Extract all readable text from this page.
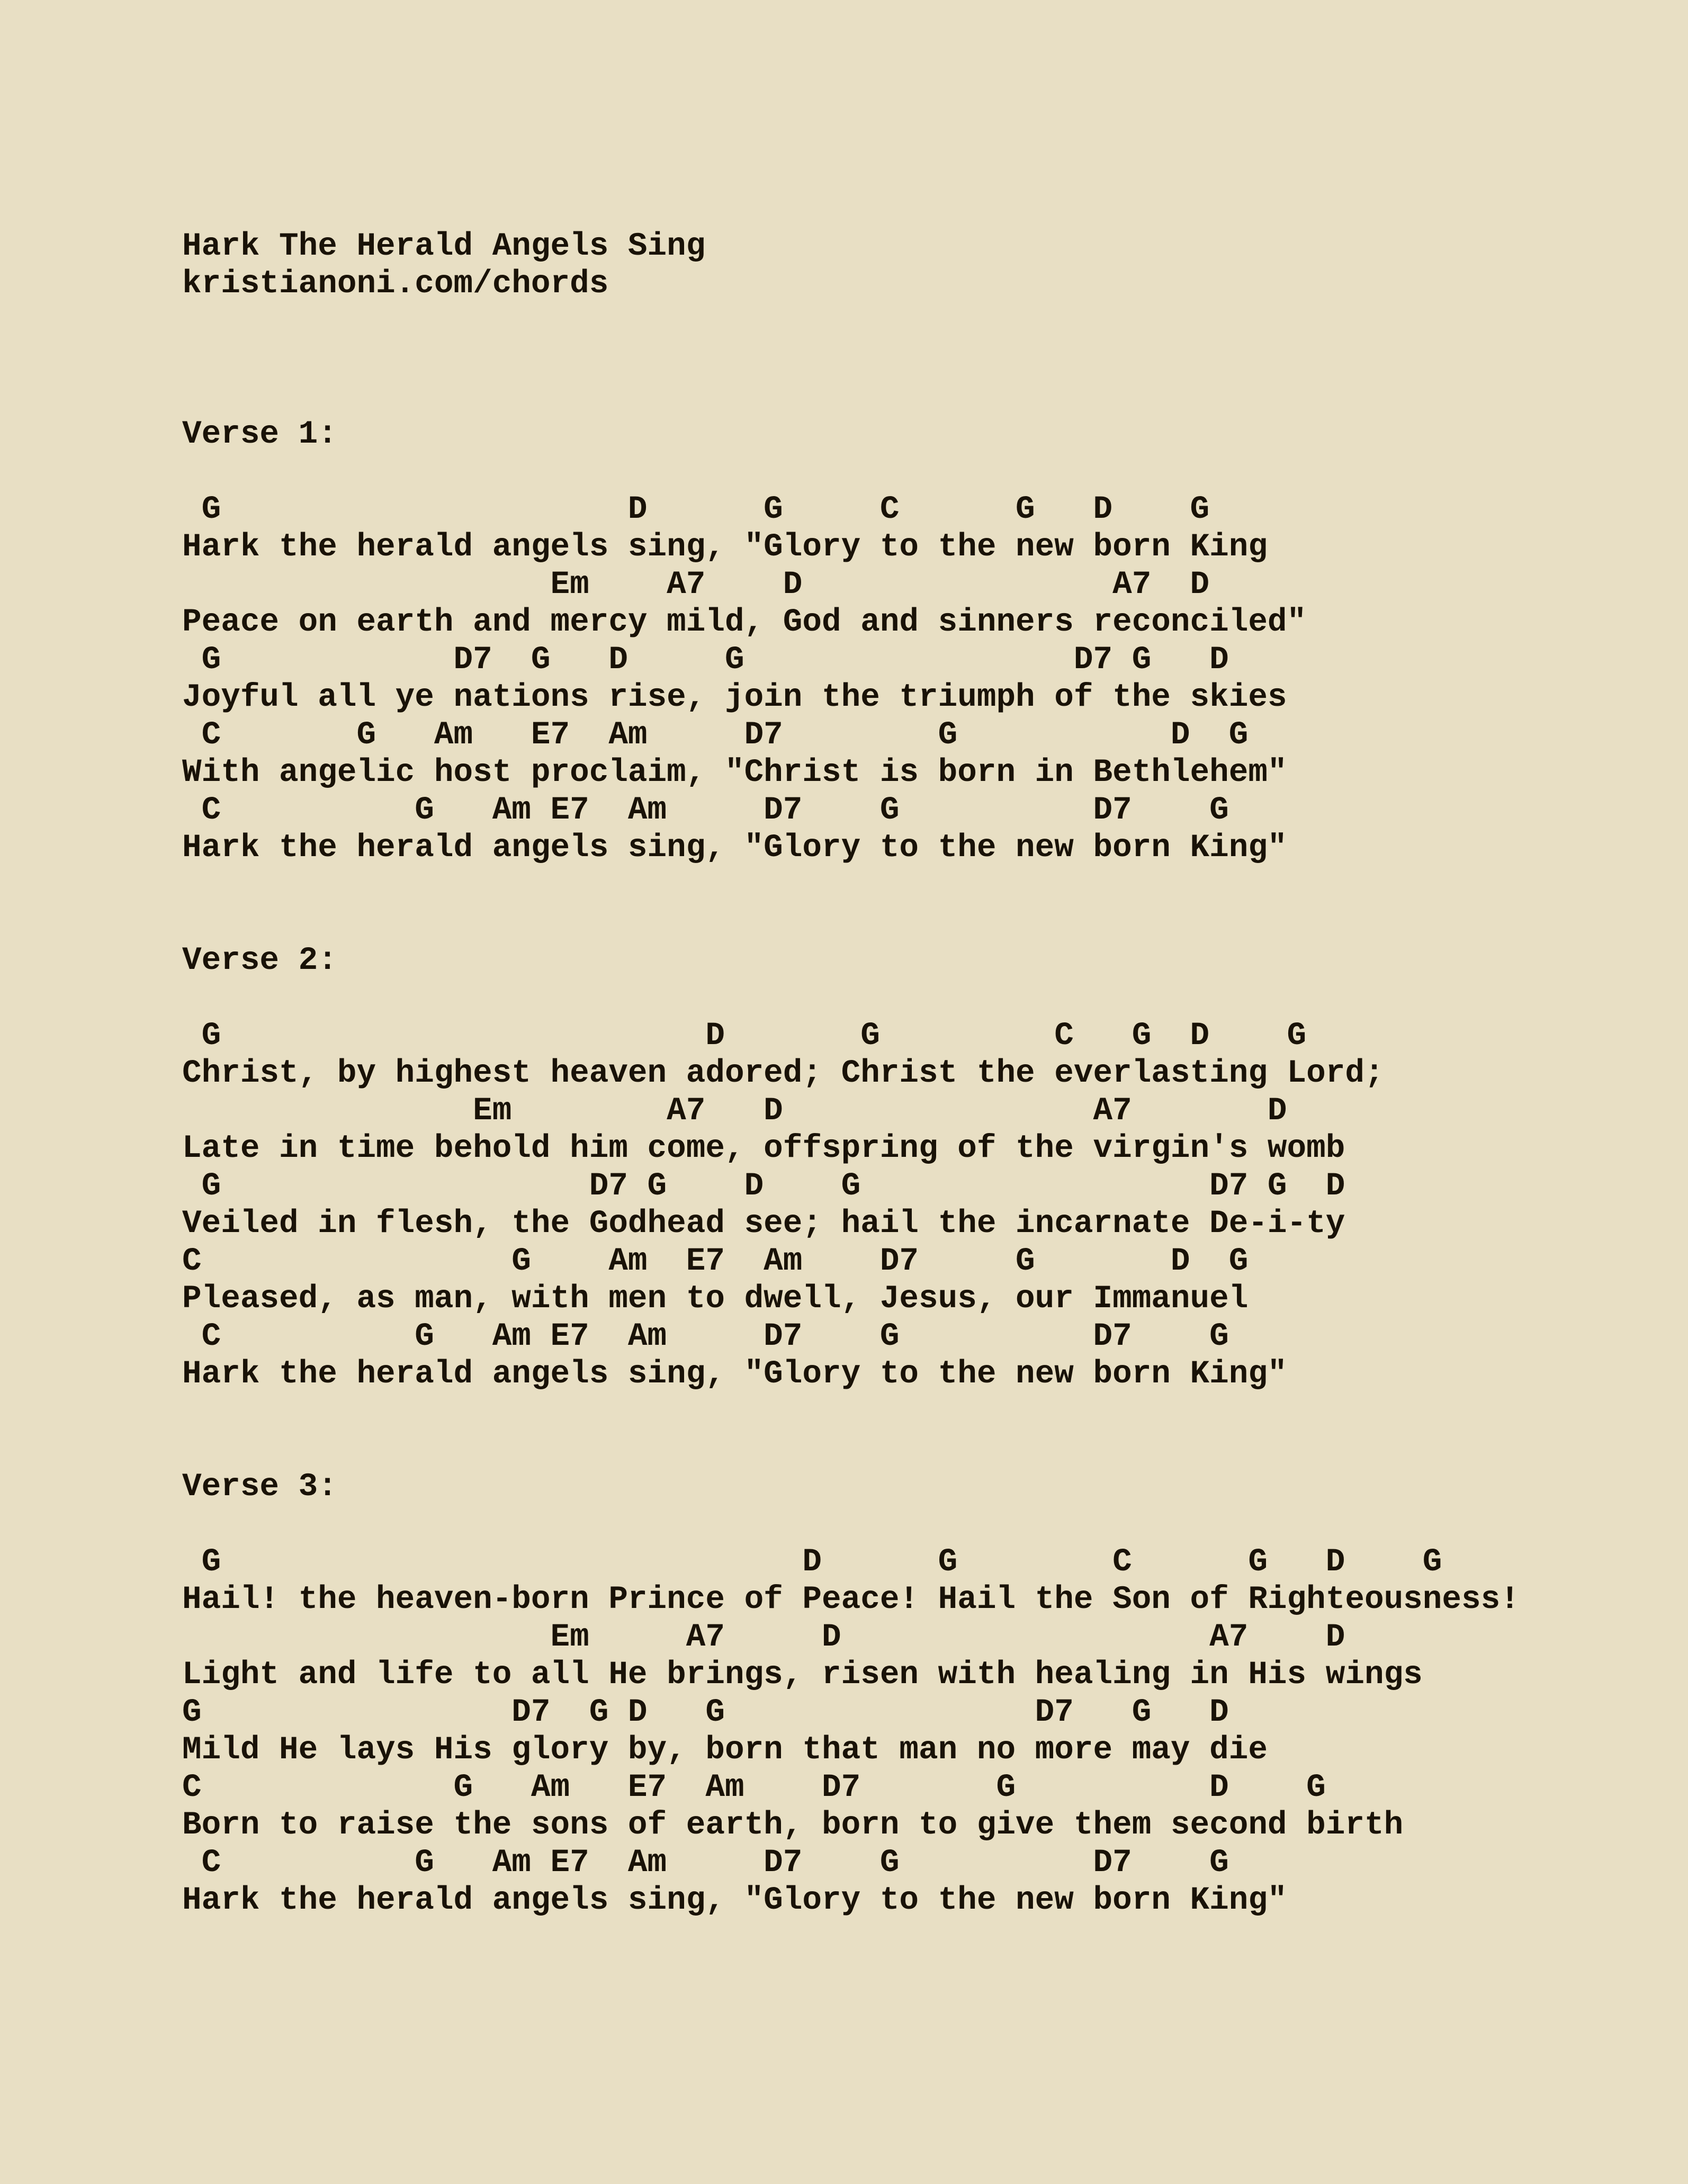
Hark The Herald Angels Sing
kristianoni.com/chords
Verse 1:
G                     D      G     C      G   D    G
Hark the herald angels sing, "Glory to the new born King
Em    A7    D                A7  D
Peace on earth and mercy mild, God and sinners reconciled"
G            D7  G   D     G                 D7 G   D
Joyful all ye nations rise, join the triumph of the skies
C       G   Am   E7  Am     D7        G           D  G
With angelic host proclaim, "Christ is born in Bethlehem"
C          G   Am E7  Am     D7    G          D7    G
Hark the herald angels sing, "Glory to the new born King"
Verse 2:
G                         D       G         C   G  D    G
Christ, by highest heaven adored; Christ the everlasting Lord;
Em        A7   D                A7       D
Late in time behold him come, offspring of the virgin's womb
G                   D7 G    D    G                  D7 G  D
Veiled in flesh, the Godhead see; hail the incarnate De-i-ty
C                G    Am  E7  Am    D7     G       D  G
Pleased, as man, with men to dwell, Jesus, our Immanuel
C          G   Am E7  Am     D7    G          D7    G
Hark the herald angels sing, "Glory to the new born King"
Verse 3:
G                              D      G        C      G   D    G
Hail! the heaven-born Prince of Peace! Hail the Son of Righteousness!
Em     A7     D                   A7    D
Light and life to all He brings, risen with healing in His wings
G                D7  G D   G                D7   G   D
Mild He lays His glory by, born that man no more may die
C             G   Am   E7  Am    D7       G          D    G
Born to raise the sons of earth, born to give them second birth
C          G   Am E7  Am     D7    G          D7    G
Hark the herald angels sing, "Glory to the new born King"
